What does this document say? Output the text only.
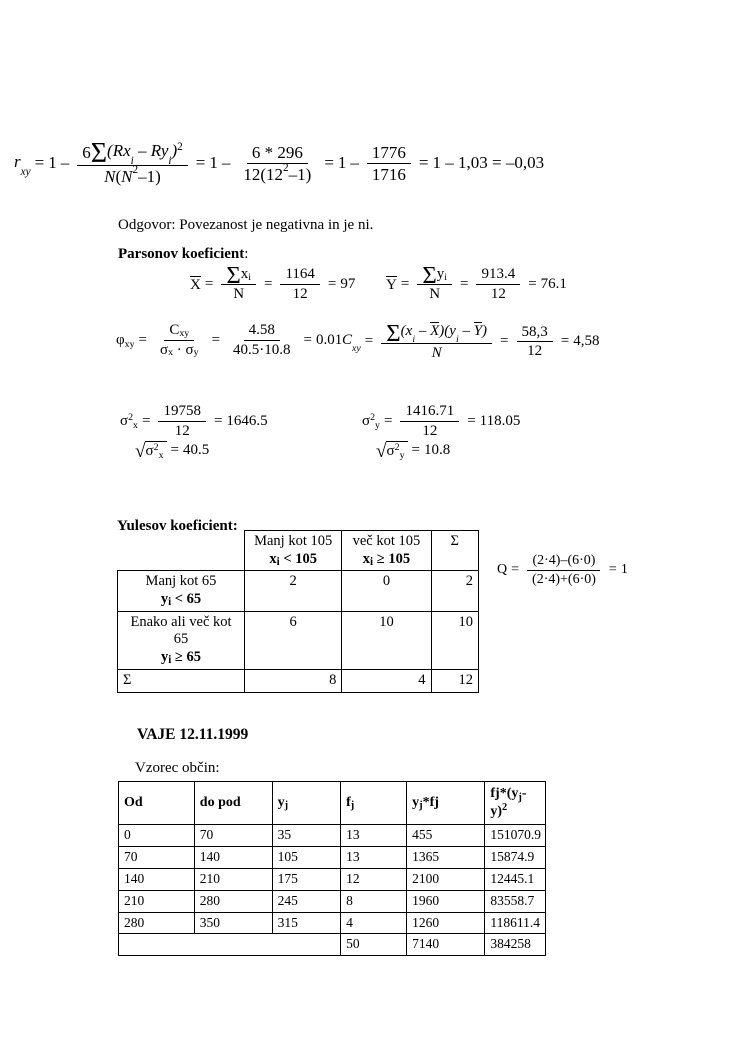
$r_{xy} = 1 - \frac{6 \Sigma (Rx_i - Ry_i)^2}{N ( N 2 -1 )} = 1 - \frac{6 * 296}{12(12 2 -1)} = 1 - \frac{1776}{1716} = 1 - 1,03 = -0,03$
Odgovor: Povezanost je negativna in je ni.
Parsonov koeficient:
$X = \frac{\text{Σ x i}}{N} = \frac{1164}{12} = 97$ $Y = \frac{\text{Σ y i}}{N} = \frac{913.4}{12} = 76.1$
φxy = C xy
σ x
·
σ $y = \frac{4.58}{40.5\cdot 10.8} = 0.01$ $C_{xy} = \frac{\Sigma (x_i - X)(y_i - Y)}{N} = \frac{58,3}{12} = 4,58$
$\sigma^2x = \frac{19758}{12} = 1646.5$
√ $\sigma^2x = 40.5$
$\sigma^2y = \frac{1416.71}{12} = 118.05$
√ $\sigma^2y = 10.8$
Yulesov koeficient:
	Manj kot 105
xi < 105	več kot 105
xi ≥ 105	Σ
Manj kot 65
yi < 65	2	0	2
Enako ali več kot 65
yi ≥ 65	6	10	10
Σ	8	4	12
$Q = \frac{(2\cdot 4)-(6\cdot 0)}{(2\cdot 4)+(6\cdot 0)} = 1$
VAJE 12.11.1999
Vzorec občin:
Od	do pod	yj	fj	yj*fj	$fj*(yj-y)^2$
0	70	35	13	455	151070.9
70	140	105	13	1365	15874.9
140	210	175	12	2100	12445.1
210	280	245	8	1960	83558.7
280	350	315	4	1260	118611.4
			50	7140	384258
